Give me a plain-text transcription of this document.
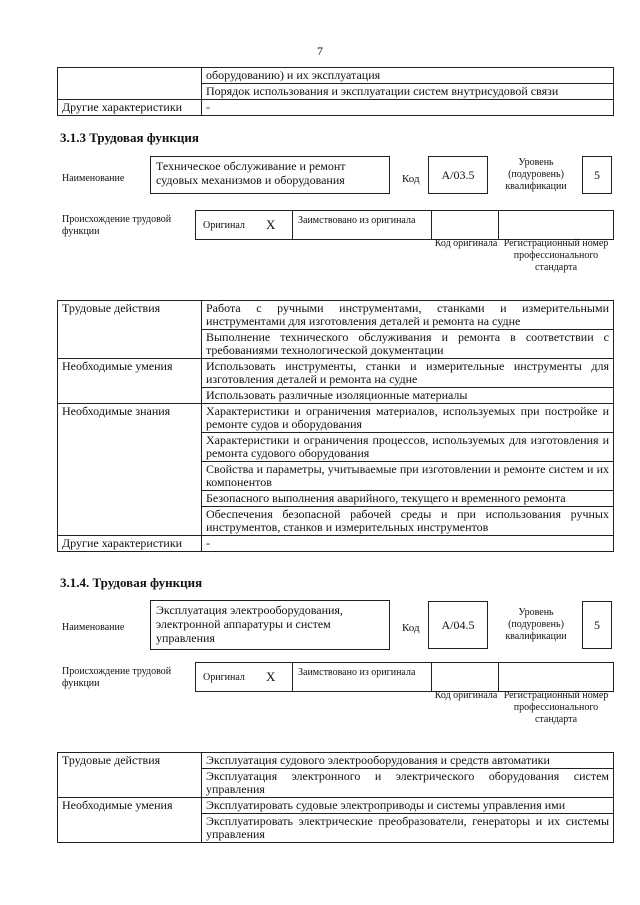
7
	оборудованию) и их эксплуатация
	Порядок использования и эксплуатации систем внутрисудовой связи
Другие характеристики	-
3.1.3 Трудовая функция
Наименование
Техническое обслуживание и ремонт судовых механизмов и оборудования	Код А/03.5
Уровень (подуровень) квалификации
5
Происхождение трудовой функции
Оригинал X	Заимствовано из оригинала
Код оригинала Регистрационный номер профессионального стандарта
Трудовые действия	Работа с ручными инструментами, станками и измерительными инструментами для изготовления деталей и ремонта на судне
	Выполнение технического обслуживания и ремонта в соответствии с требованиями технологической документации
Необходимые умения	Использовать инструменты, станки и измерительные инструменты для изготовления деталей и ремонта на судне
	Использовать различные изоляционные материалы
Необходимые знания	Характеристики и ограничения материалов, используемых при постройке и ремонте судов и оборудования
	Характеристики и ограничения процессов, используемых для изготовления и ремонта судового оборудования
	Свойства и параметры, учитываемые при изготовлении и ремонте систем и их компонентов
	Безопасного выполнения аварийного, текущего и временного ремонта
	Обеспечения безопасной рабочей среды и при использования ручных инструментов, станков и измерительных инструментов
Другие характеристики	-
3.1.4. Трудовая функция
Наименование
Эксплуатация электрооборудования, электронной аппаратуры и систем управления
Код А/04.5
Уровень (подуровень) квалификации
5
Происхождение трудовой функции
Оригинал X	Заимствовано из оригинала
Код оригинала Регистрационный номер профессионального стандарта
Трудовые действия	Эксплуатация судового электрооборудования и средств автоматики
	Эксплуатация электронного и электрического оборудования систем управления
Необходимые умения	Эксплуатировать судовые электроприводы и системы управления ими
	Эксплуатировать электрические преобразователи, генераторы и их системы управления
